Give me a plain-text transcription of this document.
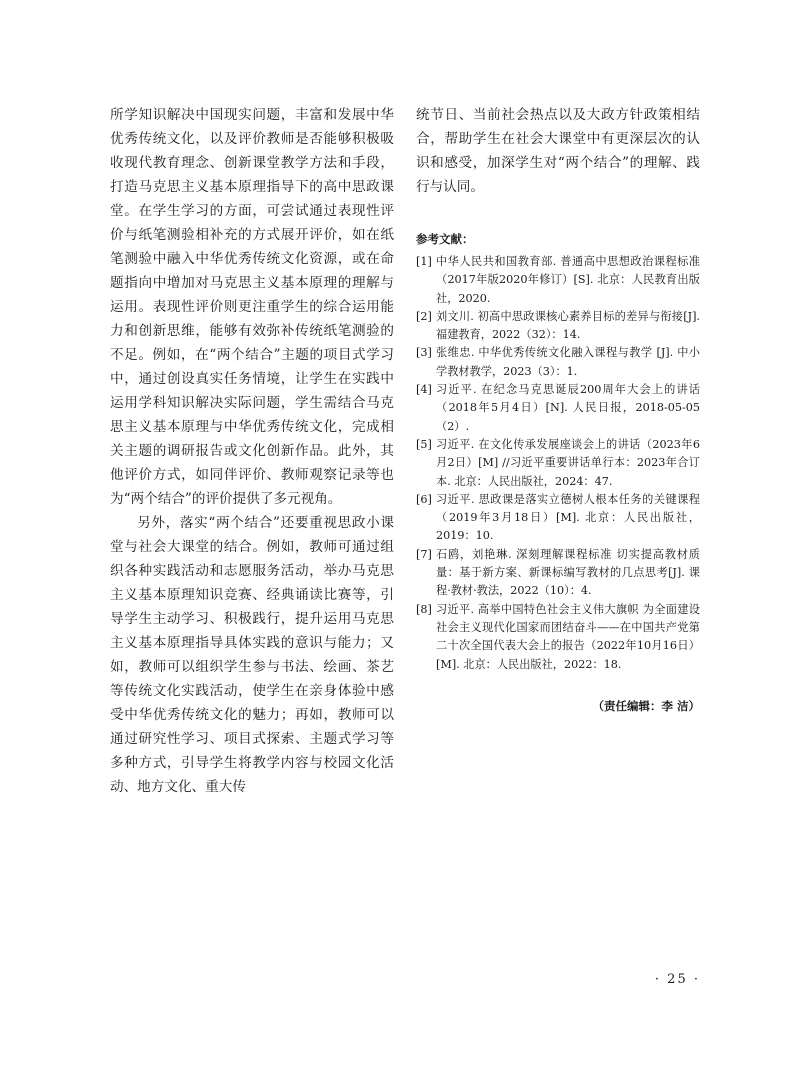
所学知识解决中国现实问题，丰富和发展中华优秀传统文化，以及评价教师是否能够积极吸收现代教育理念、创新课堂教学方法和手段，打造马克思主义基本原理指导下的高中思政课堂。在学生学习的方面，可尝试通过表现性评价与纸笔测验相补充的方式展开评价，如在纸笔测验中融入中华优秀传统文化资源，或在命题指向中增加对马克思主义基本原理的理解与运用。表现性评价则更注重学生的综合运用能力和创新思维，能够有效弥补传统纸笔测验的不足。例如，在“两个结合”主题的项目式学习中，通过创设真实任务情境，让学生在实践中运用学科知识解决实际问题，学生需结合马克思主义基本原理与中华优秀传统文化，完成相关主题的调研报告或文化创新作品。此外，其他评价方式，如同伴评价、教师观察记录等也为“两个结合”的评价提供了多元视角。

另外，落实“两个结合”还要重视思政小课堂与社会大课堂的结合。例如，教师可通过组织各种实践活动和志愿服务活动，举办马克思主义基本原理知识竞赛、经典诵读比赛等，引导学生主动学习、积极践行，提升运用马克思主义基本原理指导具体实践的意识与能力；又如，教师可以组织学生参与书法、绘画、茶艺等传统文化实践活动，使学生在亲身体验中感受中华优秀传统文化的魅力；再如，教师可以通过研究性学习、项目式探索、主题式学习等多种方式，引导学生将教学内容与校园文化活动、地方文化、重大传

统节日、当前社会热点以及大政方针政策相结合，帮助学生在社会大课堂中有更深层次的认识和感受，加深学生对“两个结合”的理解、践行与认同。

参考文献：
[1] 中华人民共和国教育部. 普通高中思想政治课程标准（2017年版2020年修订）[S]. 北京：人民教育出版社，2020.
[2] 刘文川. 初高中思政课核心素养目标的差异与衔接[J]. 福建教育，2022（32）：14.
[3] 张维忠. 中华优秀传统文化融入课程与教学 [J]. 中小学教材教学，2023（3）：1.
[4] 习近平. 在纪念马克思诞辰200周年大会上的讲话（2018年5月4日）[N]. 人民日报，2018-05-05（2）.
[5] 习近平. 在文化传承发展座谈会上的讲话（2023年6月2日）[M] //习近平重要讲话单行本：2023年合订本. 北京：人民出版社，2024：47.
[6] 习近平. 思政课是落实立德树人根本任务的关键课程（2019年3月18日）[M]. 北京：人民出版社，2019：10.
[7] 石鸥，刘艳琳. 深刻理解课程标准 切实提高教材质量：基于新方案、新课标编写教材的几点思考[J]. 课程·教材·教法，2022（10）：4.
[8] 习近平. 高举中国特色社会主义伟大旗帜 为全面建设社会主义现代化国家而团结奋斗——在中国共产党第二十次全国代表大会上的报告（2022年10月16日）[M]. 北京：人民出版社，2022：18.
（责任编辑：李 洁）
· 25 ·
